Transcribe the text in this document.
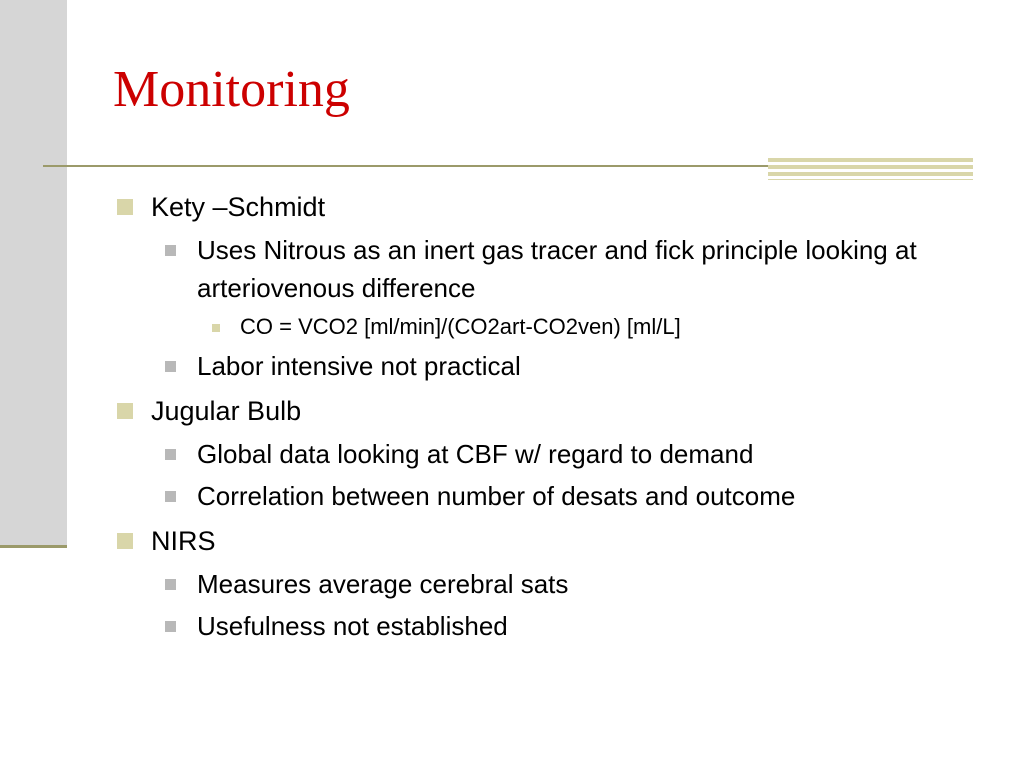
Monitoring
Kety –Schmidt
Uses Nitrous as an inert gas tracer and fick principle looking at arteriovenous difference
CO = VCO2 [ml/min]/(CO2art-CO2ven) [ml/L]
Labor intensive not practical
Jugular Bulb
Global data looking at CBF w/ regard to demand
Correlation between number of desats and outcome
NIRS
Measures average cerebral sats
Usefulness not established
